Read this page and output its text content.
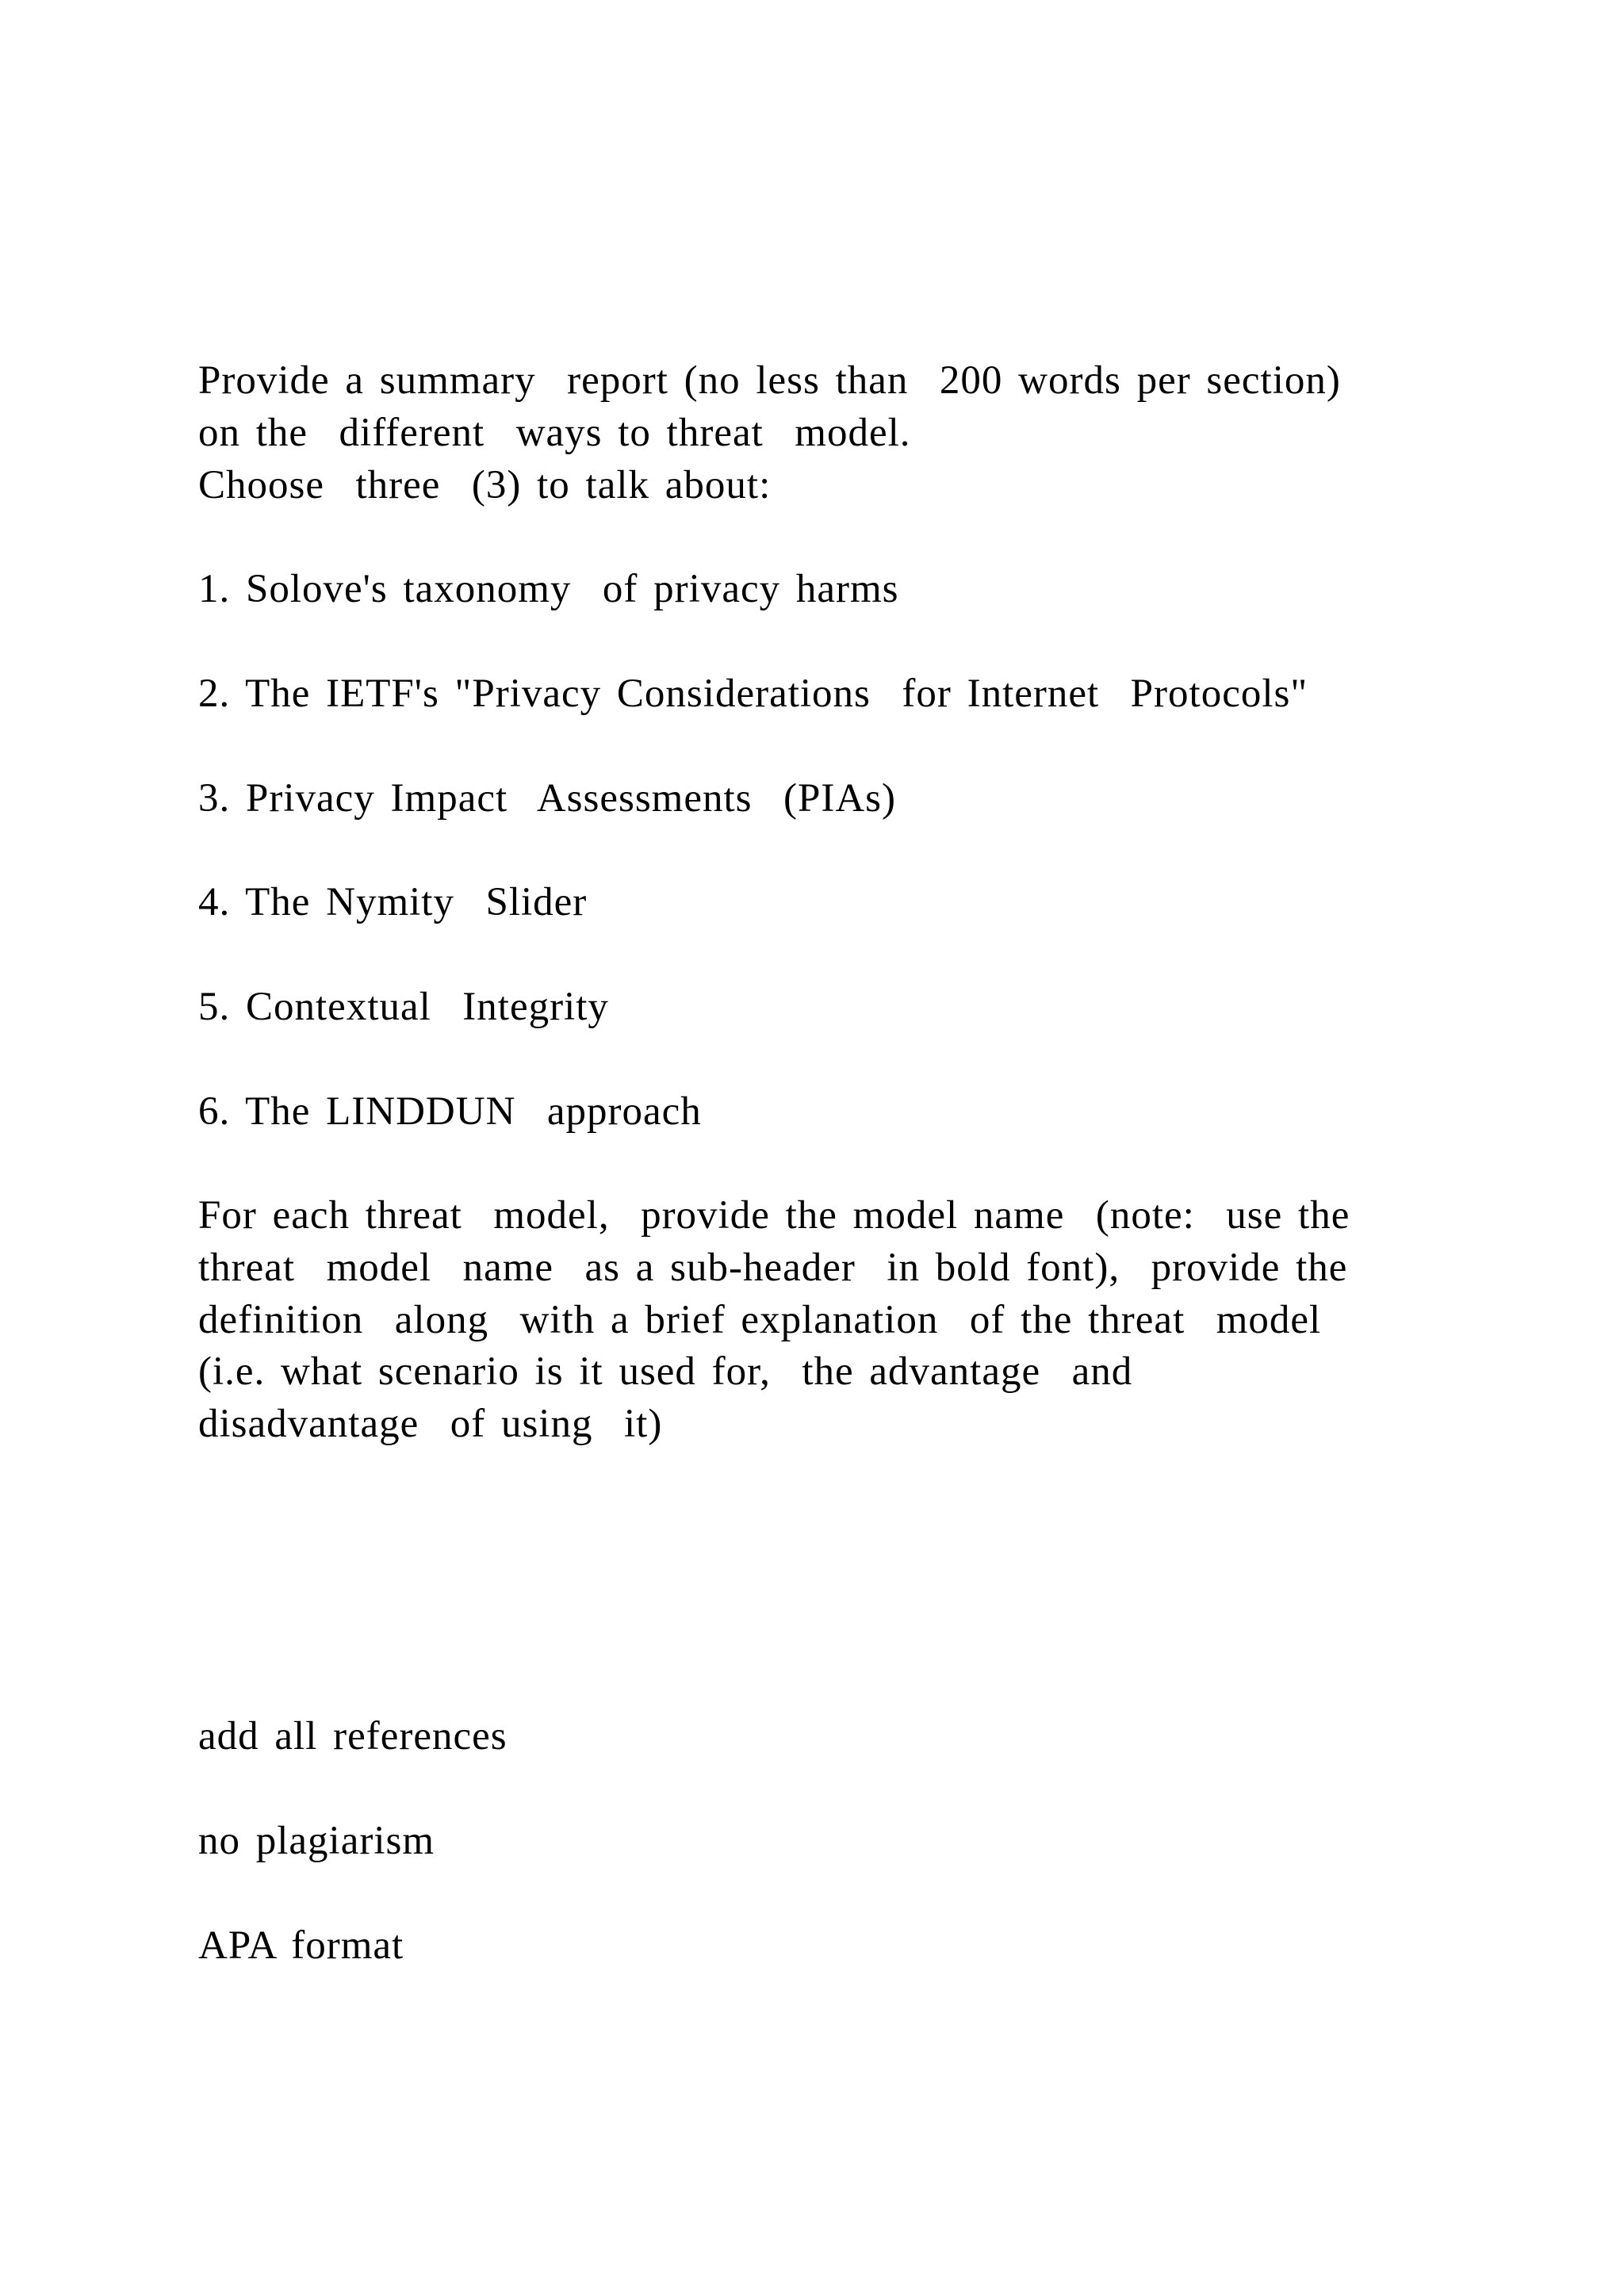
Provide a summary  report (no less than  200 words per section)
on the  different  ways to threat  model.
Choose  three  (3) to talk about:
1. Solove's taxonomy  of privacy harms
2. The IETF's "Privacy Considerations  for Internet  Protocols"
3. Privacy Impact  Assessments  (PIAs)
4. The Nymity  Slider
5. Contextual  Integrity
6. The LINDDUN  approach
For each threat  model,  provide the model name  (note:  use the
threat  model  name  as a sub-header  in bold font),  provide the
definition  along  with a brief explanation  of the threat  model
(i.e. what scenario is it used for,  the advantage  and
disadvantage  of using  it)
add all references
no plagiarism
APA format
